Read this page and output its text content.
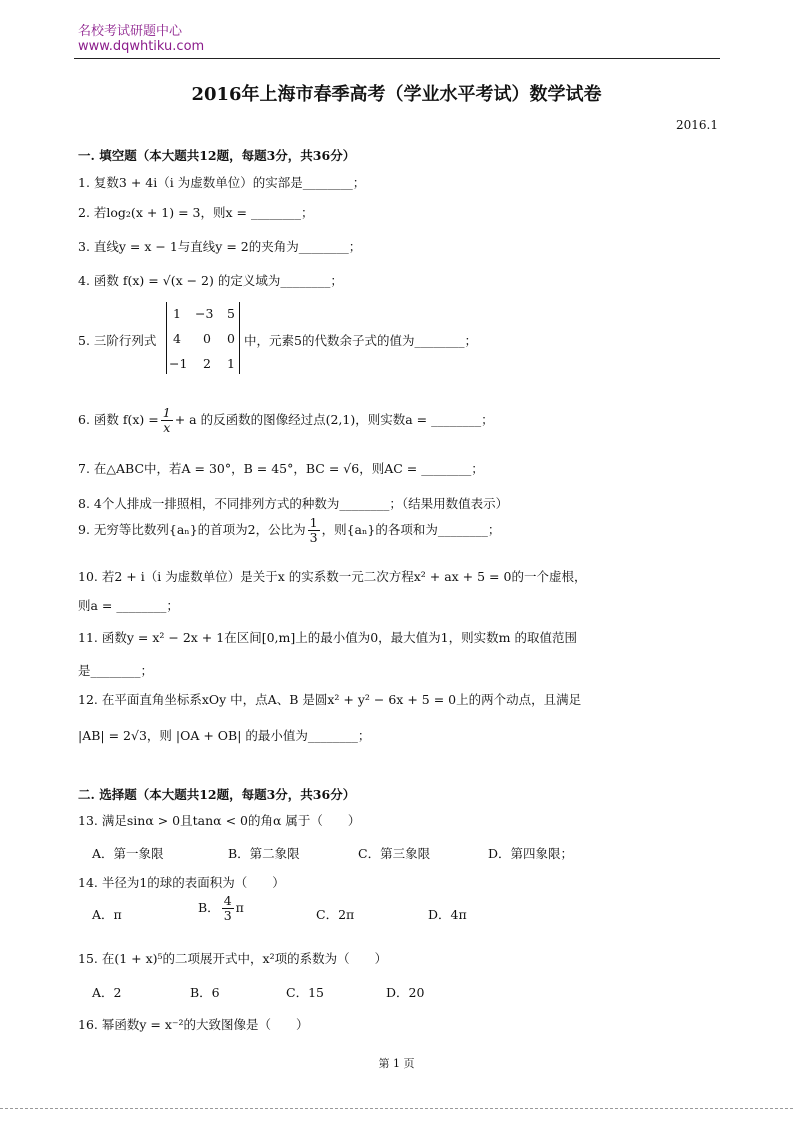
名校考试研题中心
www.dqwhtiku.com
2016年上海市春季高考（学业水平考试）数学试卷
2016.1
一. 填空题（本大题共12题，每题3分，共36分）
1. 复数3 + 4i（i 为虚数单位）的实部是________；
2. 若log₂(x + 1) = 3，则x = ________；
3. 直线y = x − 1与直线y = 2的夹角为________；
4. 函数 f(x) = √(x − 2) 的定义域为________；
5. 三阶行列式
1 −3 5
4 0 0
−1 2 1
中，元素5的代数余子式的值为________；
6. 函数 $f(x) = \frac{1}{x} + a$ 的反函数的图像经过点(2,1)，则实数a = ________；
7. 在△ABC中，若A = 30°，B = 45°，BC = √6，则AC = ________；
8. 4个人排成一排照相，不同排列方式的种数为________；（结果用数值表示）
9. 无穷等比数列{aₙ}的首项为2，公比为 $\frac{1}{3}$ ，则{aₙ}的各项和为________；
10. 若2 + i（i 为虚数单位）是关于x 的实系数一元二次方程x² + ax + 5 = 0的一个虚根，
则a = ________；
11. 函数y = x² − 2x + 1在区间[0,m]上的最小值为0，最大值为1，则实数m 的取值范围
是________；
12. 在平面直角坐标系xOy 中，点A、B 是圆x² + y² − 6x + 5 = 0上的两个动点，且满足
|AB| = 2√3，则 |OA + OB| 的最小值为________；
二. 选择题（本大题共12题，每题3分，共36分）
13. 满足sinα > 0且tanα < 0的角α 属于（　　）
A．第一象限	B．第二象限	C．第三象限	D．第四象限；
14. 半径为1的球的表面积为（　　）
A．π	B． $\frac{4}{3}$ π	C．2π	D．4π
15. 在(1 + x)⁵的二项展开式中，x²项的系数为（　　）
A．2	B．6	C．15	D．20
16. 幂函数y = x⁻²的大致图像是（　　）
第 1 页
